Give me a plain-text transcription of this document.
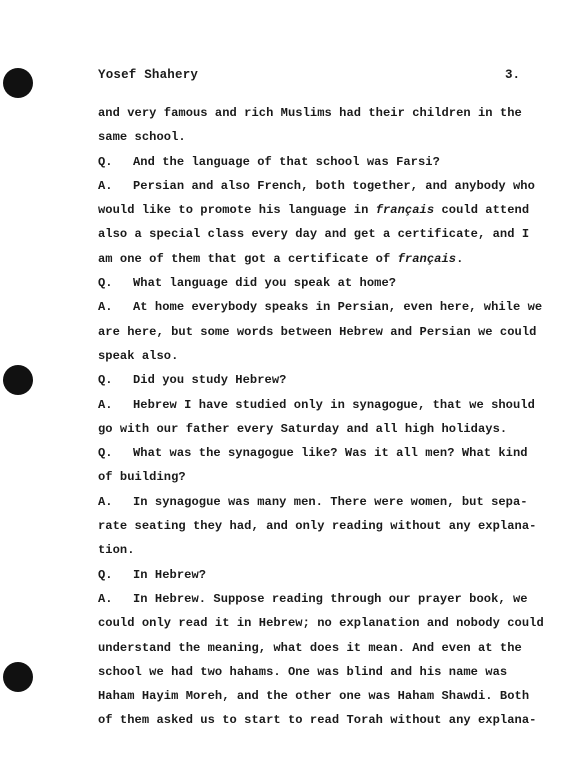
Yosef Shahery	3.
and very famous and rich Muslims had their children in the
same school.
Q. And the language of that school was Farsi?
A. Persian and also French, both together, and anybody who
would like to promote his language in français could attend
also a special class every day and get a certificate, and I
am one of them that got a certificate of français.
Q. What language did you speak at home?
A. At home everybody speaks in Persian, even here, while we
are here, but some words between Hebrew and Persian we could
speak also.
Q. Did you study Hebrew?
A. Hebrew I have studied only in synagogue, that we should
go with our father every Saturday and all high holidays.
Q. What was the synagogue like? Was it all men? What kind
of building?
A. In synagogue was many men. There were women, but sepa-
rate seating they had, and only reading without any explana-
tion.
Q. In Hebrew?
A. In Hebrew. Suppose reading through our prayer book, we
could only read it in Hebrew; no explanation and nobody could
understand the meaning, what does it mean. And even at the
school we had two hahams. One was blind and his name was
Haham Hayim Moreh, and the other one was Haham Shawdi. Both
of them asked us to start to read Torah without any explana-
